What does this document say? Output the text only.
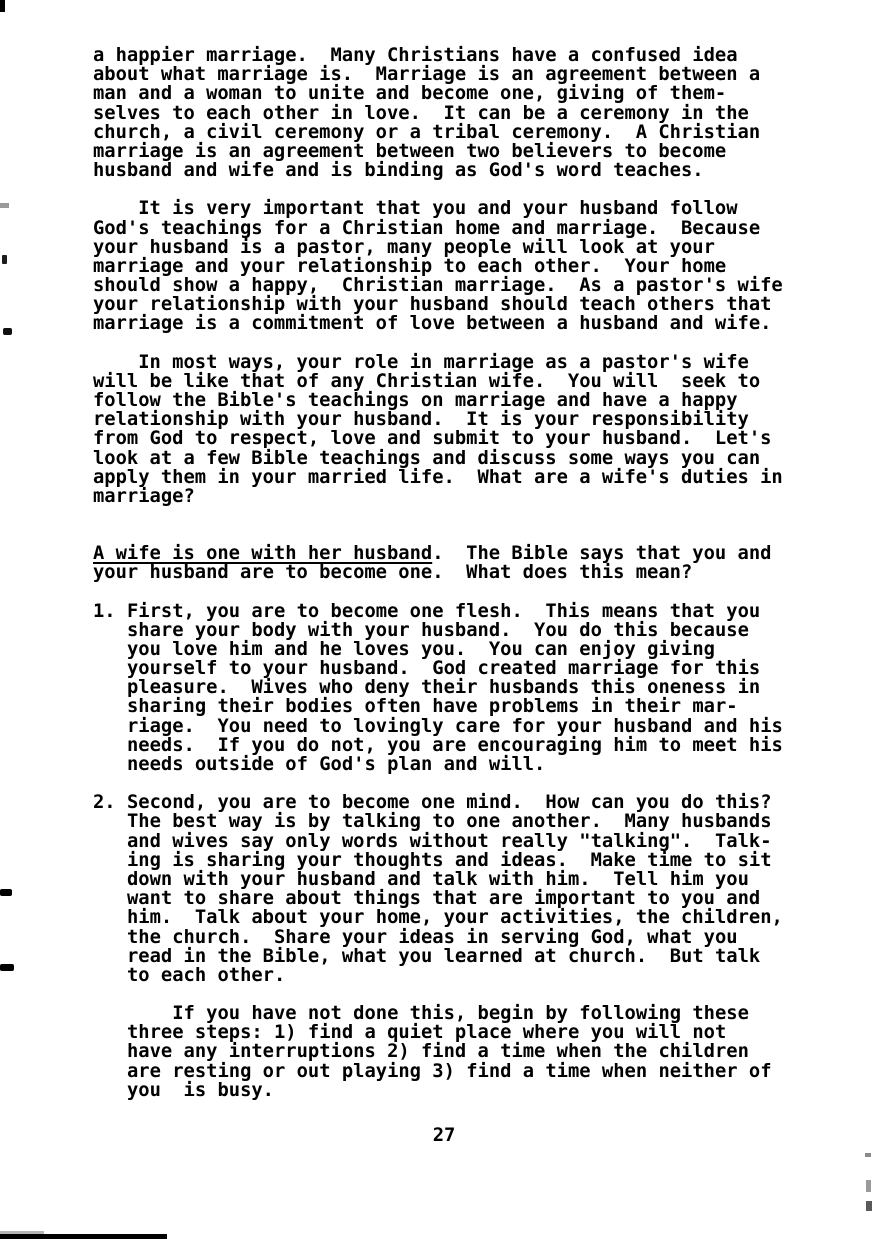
a happier marriage.  Many Christians have a confused idea
about what marriage is.  Marriage is an agreement between a
man and a woman to unite and become one, giving of them-
selves to each other in love.  It can be a ceremony in the
church, a civil ceremony or a tribal ceremony.  A Christian
marriage is an agreement between two believers to become
husband and wife and is binding as God's word teaches.
It is very important that you and your husband follow
God's teachings for a Christian home and marriage.  Because
your husband is a pastor, many people will look at your
marriage and your relationship to each other.  Your home
should show a happy,  Christian marriage.  As a pastor's wife
your relationship with your husband should teach others that
marriage is a commitment of love between a husband and wife.
In most ways, your role in marriage as a pastor's wife
will be like that of any Christian wife.  You will  seek to
follow the Bible's teachings on marriage and have a happy
relationship with your husband.  It is your responsibility
from God to respect, love and submit to your husband.  Let's
look at a few Bible teachings and discuss some ways you can
apply them in your married life.  What are a wife's duties in
marriage?
A wife is one with her husband.  The Bible says that you and
your husband are to become one.  What does this mean?
1. First, you are to become one flesh.  This means that you
share your body with your husband.  You do this because
you love him and he loves you.  You can enjoy giving
yourself to your husband.  God created marriage for this
pleasure.  Wives who deny their husbands this oneness in
sharing their bodies often have problems in their mar-
riage.  You need to lovingly care for your husband and his
needs.  If you do not, you are encouraging him to meet his
needs outside of God's plan and will.
2. Second, you are to become one mind.  How can you do this?
The best way is by talking to one another.  Many husbands
and wives say only words without really "talking".  Talk-
ing is sharing your thoughts and ideas.  Make time to sit
down with your husband and talk with him.  Tell him you
want to share about things that are important to you and
him.  Talk about your home, your activities, the children,
the church.  Share your ideas in serving God, what you
read in the Bible, what you learned at church.  But talk
to each other.
If you have not done this, begin by following these
three steps: 1) find a quiet place where you will not
have any interruptions 2) find a time when the children
are resting or out playing 3) find a time when neither of
you  is busy.
27
